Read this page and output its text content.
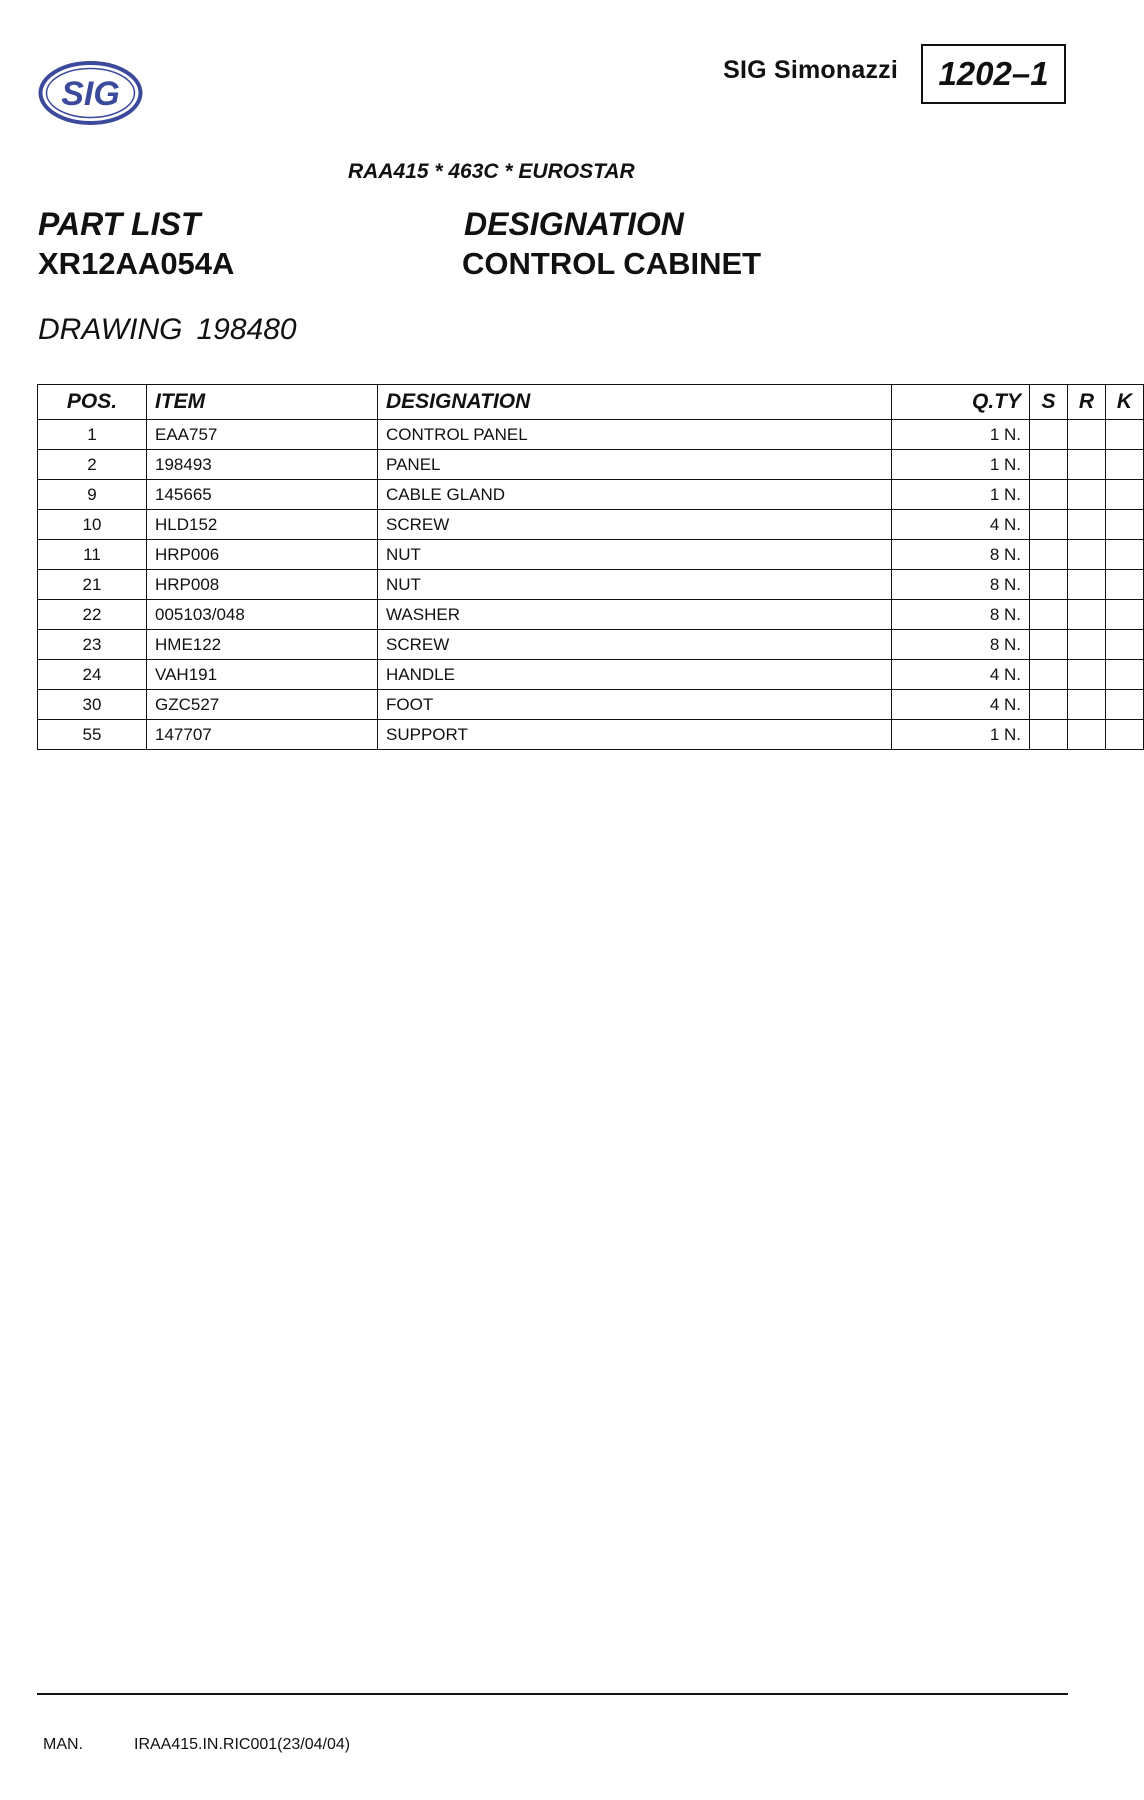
SIG
SIG Simonazzi 1202–1
RAA415 * 463C * EUROSTAR
PART LIST
XR12AA054A
DESIGNATION
CONTROL CABINET
DRAWING 198480
POS.	ITEM	DESIGNATION	Q.TY	S	R	K
1	EAA757	CONTROL PANEL	1 N.			
2	198493	PANEL	1 N.			
9	145665	CABLE GLAND	1 N.			
10	HLD152	SCREW	4 N.			
11	HRP006	NUT	8 N.			
21	HRP008	NUT	8 N.			
22	005103/048	WASHER	8 N.			
23	HME122	SCREW	8 N.			
24	VAH191	HANDLE	4 N.			
30	GZC527	FOOT	4 N.			
55	147707	SUPPORT	1 N.			
MAN.	IRAA415.IN.RIC001(23/04/04)
